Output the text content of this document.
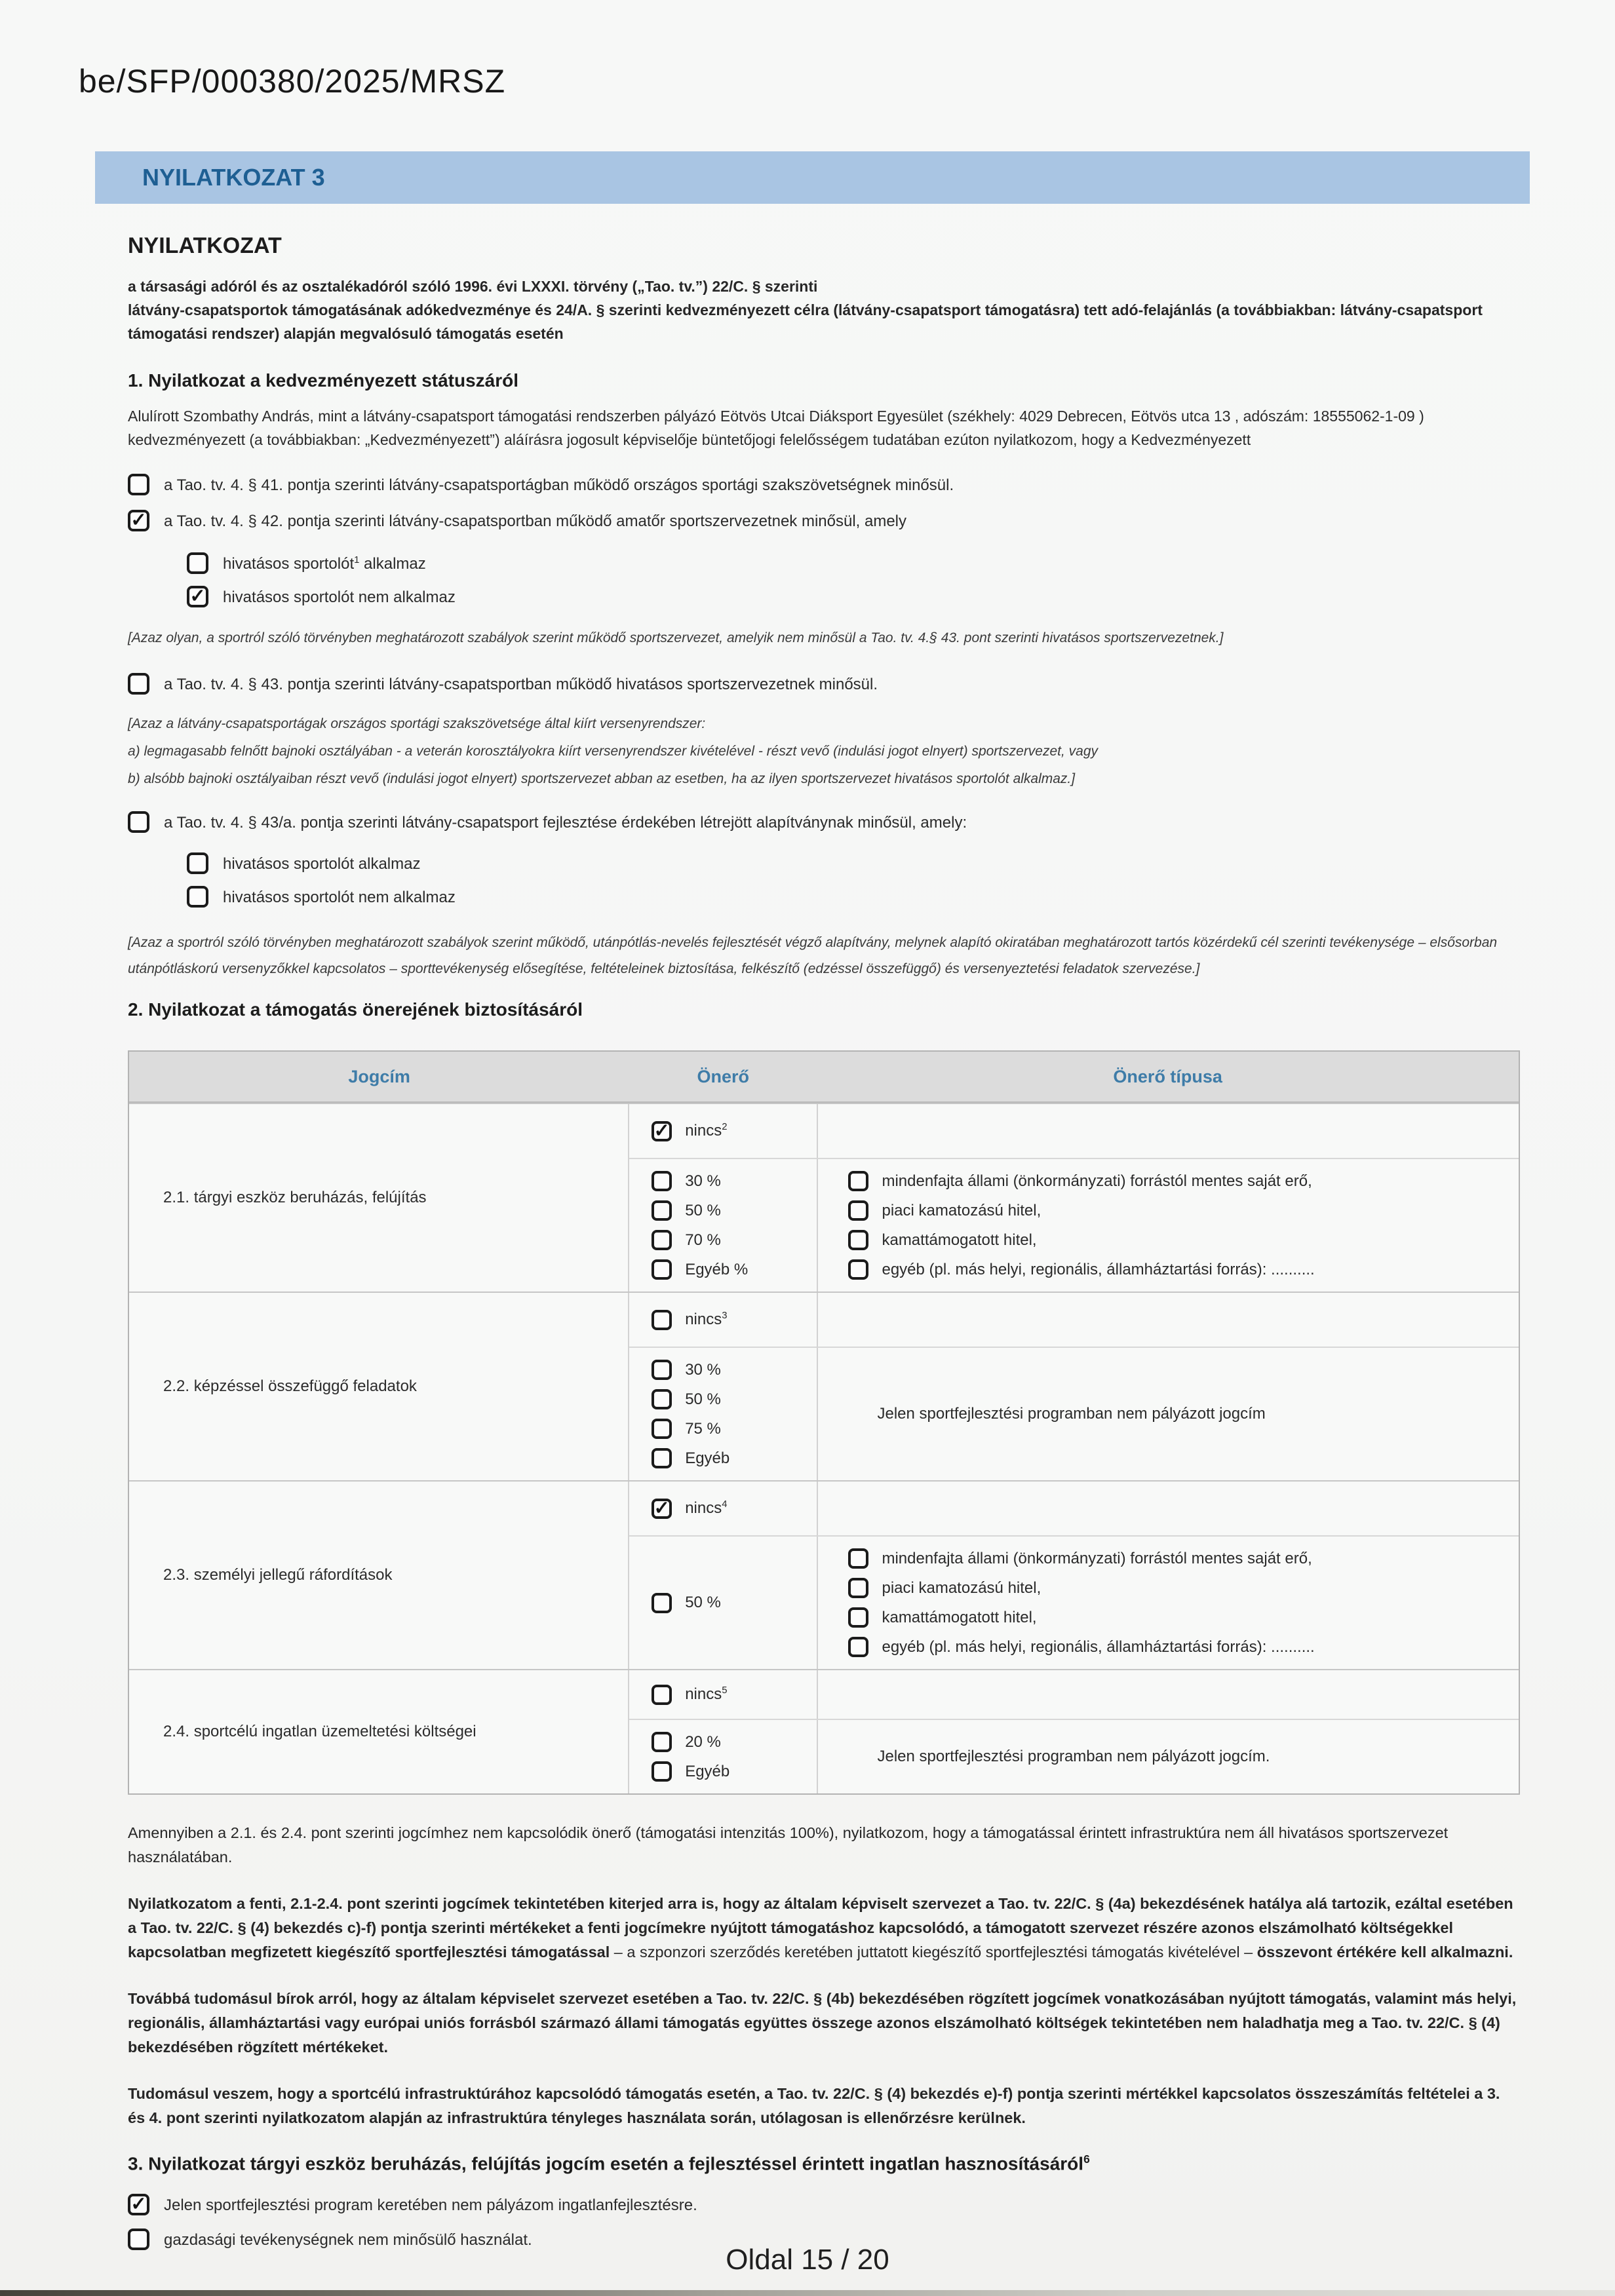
be/SFP/000380/2025/MRSZ
NYILATKOZAT 3
NYILATKOZAT
a társasági adóról és az osztalékadóról szóló 1996. évi LXXXI. törvény („Tao. tv.”) 22/C. § szerinti
látvány-csapatsportok támogatásának adókedvezménye és 24/A. § szerinti kedvezményezett célra (látvány-csapatsport támogatásra) tett adó-felajánlás (a továbbiakban: látvány-csapatsport
támogatási rendszer) alapján megvalósuló támogatás esetén
1. Nyilatkozat a kedvezményezett státuszáról
Alulírott Szombathy András, mint a látvány-csapatsport támogatási rendszerben pályázó Eötvös Utcai Diáksport Egyesület (székhely: 4029 Debrecen, Eötvös utca 13 , adószám: 18555062-1-09 )
kedvezményezett (a továbbiakban: „Kedvezményezett”) aláírásra jogosult képviselője büntetőjogi felelősségem tudatában ezúton nyilatkozom, hogy a Kedvezményezett
a Tao. tv. 4. § 41. pontja szerinti látvány-csapatsportágban működő országos sportági szakszövetségnek minősül.
✓
a Tao. tv. 4. § 42. pontja szerinti látvány-csapatsportban működő amatőr sportszervezetnek minősül, amely
hivatásos sportolót$^1$ alkalmaz
✓
hivatásos sportolót nem alkalmaz
[Azaz olyan, a sportról szóló törvényben meghatározott szabályok szerint működő sportszervezet, amelyik nem minősül a Tao. tv. 4.§ 43. pont szerinti hivatásos sportszervezetnek.]
a Tao. tv. 4. § 43. pontja szerinti látvány-csapatsportban működő hivatásos sportszervezetnek minősül.
[Azaz a látvány-csapatsportágak országos sportági szakszövetsége által kiírt versenyrendszer:
a) legmagasabb felnőtt bajnoki osztályában - a veterán korosztályokra kiírt versenyrendszer kivételével - részt vevő (indulási jogot elnyert) sportszervezet, vagy
b) alsóbb bajnoki osztályaiban részt vevő (indulási jogot elnyert) sportszervezet abban az esetben, ha az ilyen sportszervezet hivatásos sportolót alkalmaz.]
a Tao. tv. 4. § 43/a. pontja szerinti látvány-csapatsport fejlesztése érdekében létrejött alapítványnak minősül, amely:
hivatásos sportolót alkalmaz
hivatásos sportolót nem alkalmaz
[Azaz a sportról szóló törvényben meghatározott szabályok szerint működő, utánpótlás-nevelés fejlesztését végző alapítvány, melynek alapító okiratában meghatározott tartós közérdekű cél szerinti tevékenysége – elsősorban utánpótláskorú versenyzőkkel kapcsolatos – sporttevékenység elősegítése, feltételeinek biztosítása, felkészítő (edzéssel összefüggő) és versenyeztetési feladatok szervezése.]
2. Nyilatkozat a támogatás önerejének biztosításáról
Jogcím	Önerő	Önerő típusa
2.1. tárgyi eszköz beruházás, felújítás
✓
nincs$^2$
30 %
50 %
70 %
Egyéb %
mindenfajta állami (önkormányzati) forrástól mentes saját erő,
piaci kamatozású hitel,
kamattámogatott hitel,
egyéb (pl. más helyi, regionális, államháztartási forrás): ..........
2.2. képzéssel összefüggő feladatok
nincs$^3$
30 %
50 %
75 %
Egyéb
Jelen sportfejlesztési programban nem pályázott jogcím
2.3. személyi jellegű ráfordítások
✓
nincs$^4$
50 %
mindenfajta állami (önkormányzati) forrástól mentes saját erő,
piaci kamatozású hitel,
kamattámogatott hitel,
egyéb (pl. más helyi, regionális, államháztartási forrás): ..........
2.4. sportcélú ingatlan üzemeltetési költségei
nincs$^5$
20 %
Egyéb
Jelen sportfejlesztési programban nem pályázott jogcím.
Amennyiben a 2.1. és 2.4. pont szerinti jogcímhez nem kapcsolódik önerő (támogatási intenzitás 100%), nyilatkozom, hogy a támogatással érintett infrastruktúra nem áll hivatásos sportszervezet használatában.
Nyilatkozatom a fenti, 2.1-2.4. pont szerinti jogcímek tekintetében kiterjed arra is, hogy az általam képviselt szervezet a Tao. tv. 22/C. § (4a) bekezdésének hatálya alá tartozik, ezáltal esetében a Tao. tv. 22/C. § (4) bekezdés c)-f) pontja szerinti mértékeket a fenti jogcímekre nyújtott támogatáshoz kapcsolódó, a támogatott szervezet részére azonos elszámolható költségekkel kapcsolatban megfizetett kiegészítő sportfejlesztési támogatással – a szponzori szerződés keretében juttatott kiegészítő sportfejlesztési támogatás kivételével – összevont értékére kell alkalmazni.
Továbbá tudomásul bírok arról, hogy az általam képviselet szervezet esetében a Tao. tv. 22/C. § (4b) bekezdésében rögzített jogcímek vonatkozásában nyújtott támogatás, valamint más helyi, regionális, államháztartási vagy európai uniós forrásból származó állami támogatás együttes összege azonos elszámolható költségek tekintetében nem haladhatja meg a Tao. tv. 22/C. § (4) bekezdésében rögzített mértékeket.
Tudomásul veszem, hogy a sportcélú infrastruktúrához kapcsolódó támogatás esetén, a Tao. tv. 22/C. § (4) bekezdés e)-f) pontja szerinti mértékkel kapcsolatos összeszámítás feltételei a 3. és 4. pont szerinti nyilatkozatom alapján az infrastruktúra tényleges használata során, utólagosan is ellenőrzésre kerülnek.
3. Nyilatkozat tárgyi eszköz beruházás, felújítás jogcím esetén a fejlesztéssel érintett ingatlan hasznosításáról$^6$
✓
Jelen sportfejlesztési program keretében nem pályázom ingatlanfejlesztésre.
gazdasági tevékenységnek nem minősülő használat.
Oldal 15 / 20
